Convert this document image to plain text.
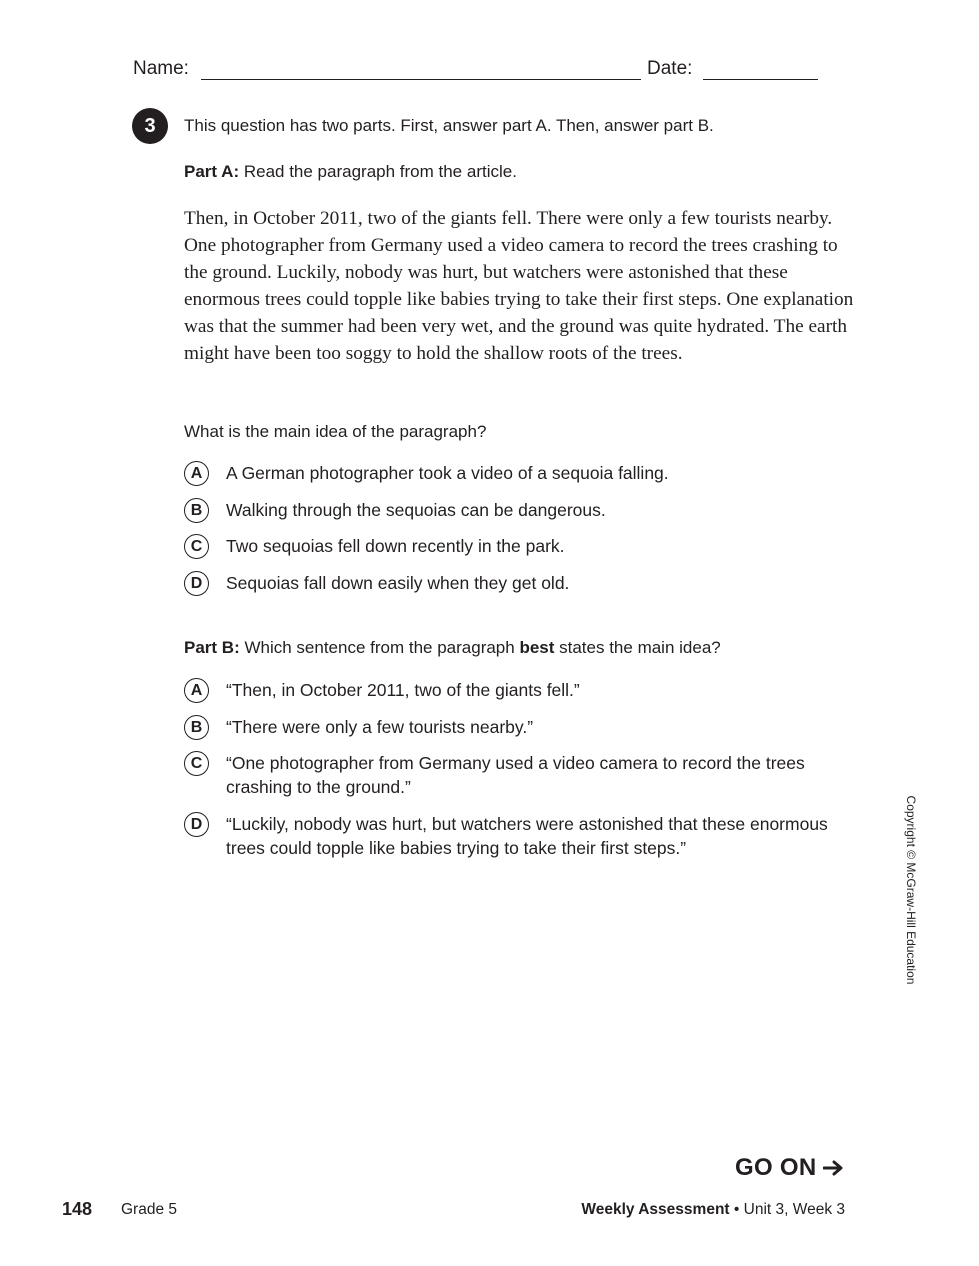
Name:	Date:
3	This question has two parts. First, answer part A. Then, answer part B.
Part A: Read the paragraph from the article.

Then, in October 2011, two of the giants fell. There were only a few tourists nearby. One photographer from Germany used a video camera to record the trees crashing to the ground. Luckily, nobody was hurt, but watchers were astonished that these enormous trees could topple like babies trying to take their first steps. One explanation was that the summer had been very wet, and the ground was quite hydrated. The earth might have been too soggy to hold the shallow roots of the trees.

What is the main idea of the paragraph?
A	A German photographer took a video of a sequoia falling.
B	Walking through the sequoias can be dangerous.
C	Two sequoias fell down recently in the park.
D	Sequoias fall down easily when they get old.
Part B: Which sentence from the paragraph best states the main idea?
A	“Then, in October 2011, two of the giants fell.”
B	“There were only a few tourists nearby.”
C	“One photographer from Germany used a video camera to record the trees crashing to the ground.”
D	“Luckily, nobody was hurt, but watchers were astonished that these enormous trees could topple like babies trying to take their first steps.”	Copyright © McGraw-Hill Education
GO ON
148 Grade 5	Weekly Assessment • Unit 3, Week 3
